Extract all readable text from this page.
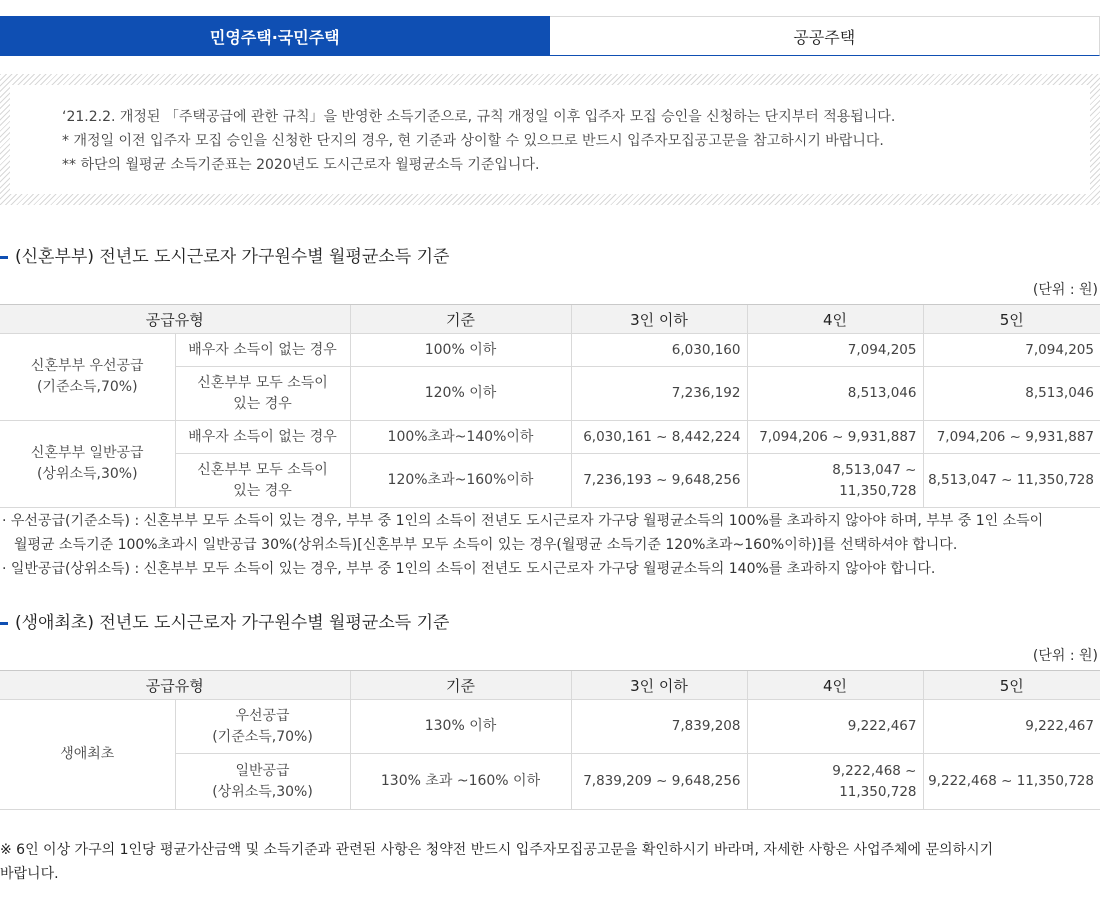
민영주택·국민주택	공공주택
‘21.2.2. 개정된 「주택공급에 관한 규칙」을 반영한 소득기준으로, 규칙 개정일 이후 입주자 모집 승인을 신청하는 단지부터 적용됩니다.
* 개정일 이전 입주자 모집 승인을 신청한 단지의 경우, 현 기준과 상이할 수 있으므로 반드시 입주자모집공고문을 참고하시기 바랍니다.
** 하단의 월평균 소득기준표는 2020년도 도시근로자 월평균소득 기준입니다.
(신혼부부) 전년도 도시근로자 가구원수별 월평균소득 기준
(단위 : 원)
공급유형		기준	3인 이하	4인	5인

신혼부부 우선공급
(기준소득,70%)	배우자 소득이 없는 경우	100% 이하	6,030,160	7,094,205	7,094,205

	신혼부부 모두 소득이
있는 경우	120% 이하	7,236,192	8,513,046	8,513,046

신혼부부 일반공급
(상위소득,30%)	배우자 소득이 없는 경우	100%초과~140%이하	6,030,161 ~ 8,442,224	7,094,206 ~ 9,931,887	7,094,206 ~ 9,931,887

	신혼부부 모두 소득이
있는 경우	120%초과~160%이하	7,236,193 ~ 9,648,256	8,513,047 ~ 11,350,728	8,513,047 ~ 11,350,728
· 우선공급(기준소득) : 신혼부부 모두 소득이 있는 경우, 부부 중 1인의 소득이 전년도 도시근로자 가구당 월평균소득의 100%를 초과하지 않아야 하며, 부부 중 1인 소득이
월평균 소득기준 100%초과시 일반공급 30%(상위소득)[신혼부부 모두 소득이 있는 경우(월평균 소득기준 120%초과~160%이하)]를 선택하셔야 합니다.
· 일반공급(상위소득) : 신혼부부 모두 소득이 있는 경우, 부부 중 1인의 소득이 전년도 도시근로자 가구당 월평균소득의 140%를 초과하지 않아야 합니다.
(생애최초) 전년도 도시근로자 가구원수별 월평균소득 기준
(단위 : 원)
공급유형		기준	3인 이하	4인	5인
생애최초	우선공급
(기준소득,70%)	130% 이하	7,839,208	9,222,467	9,222,467

	일반공급
(상위소득,30%)	130% 초과 ~160% 이하	7,839,209 ~ 9,648,256	9,222,468 ~ 11,350,728	9,222,468 ~ 11,350,728
※ 6인 이상 가구의 1인당 평균가산금액 및 소득기준과 관련된 사항은 청약전 반드시 입주자모집공고문을 확인하시기 바라며, 자세한 사항은 사업주체에 문의하시기
바랍니다.
